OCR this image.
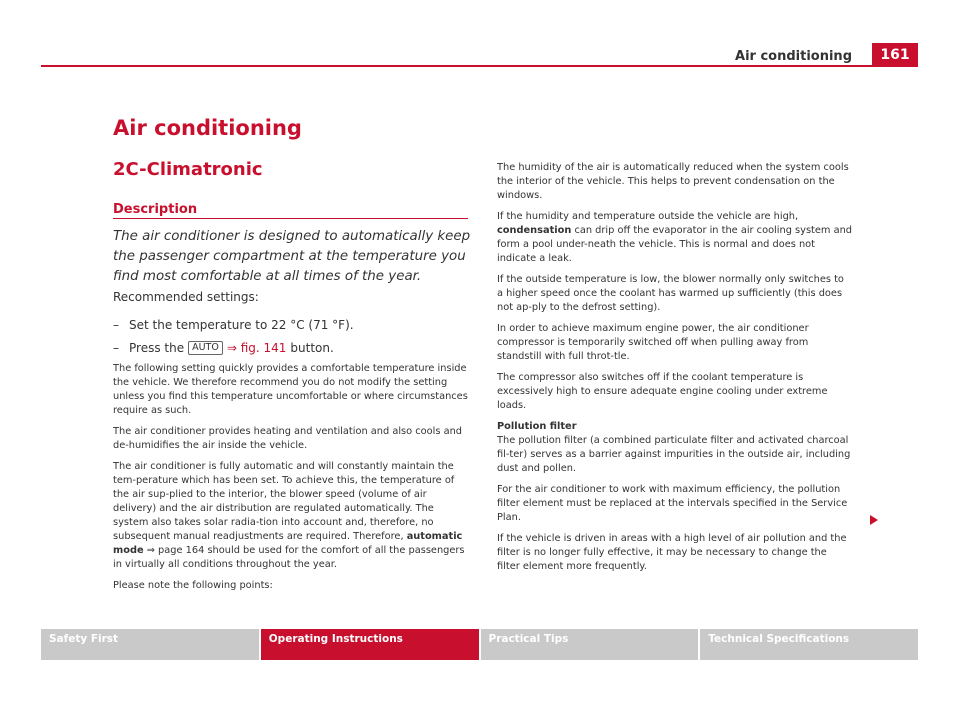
Air conditioning	161
Air conditioning
2C-Climatronic
Description
The air conditioner is designed to automatically keep the passenger compartment at the temperature you find most comfortable at all times of the year.
Recommended settings:
– Set the temperature to 22 °C (71 °F).
– Press the AUTO ⇒ fig. 141 button.

The following setting quickly provides a comfortable temperature inside the vehicle. We therefore recommend you do not modify the setting unless you find this temperature uncomfortable or where circumstances require as such.

The air conditioner provides heating and ventilation and also cools and de-humidifies the air inside the vehicle.

The air conditioner is fully automatic and will constantly maintain the tem-perature which has been set. To achieve this, the temperature of the air sup-plied to the interior, the blower speed (volume of air delivery) and the air distribution are regulated automatically. The system also takes solar radia-tion into account and, therefore, no subsequent manual readjustments are required. Therefore, automatic mode ⇒ page 164 should be used for the comfort of all the passengers in virtually all conditions throughout the year.

Please note the following points:

The humidity of the air is automatically reduced when the system cools the interior of the vehicle. This helps to prevent condensation on the windows.

If the humidity and temperature outside the vehicle are high, condensation can drip off the evaporator in the air cooling system and form a pool under-neath the vehicle. This is normal and does not indicate a leak.

If the outside temperature is low, the blower normally only switches to a higher speed once the coolant has warmed up sufficiently (this does not ap-ply to the defrost setting).

In order to achieve maximum engine power, the air conditioner compressor is temporarily switched off when pulling away from standstill with full throt-tle.

The compressor also switches off if the coolant temperature is excessively high to ensure adequate engine cooling under extreme loads.

Pollution filter

The pollution filter (a combined particulate filter and activated charcoal fil-ter) serves as a barrier against impurities in the outside air, including dust and pollen.

For the air conditioner to work with maximum efficiency, the pollution filter element must be replaced at the intervals specified in the Service Plan.

If the vehicle is driven in areas with a high level of air pollution and the filter is no longer fully effective, it may be necessary to change the filter element more frequently.

Safety First	Operating Instructions	Practical Tips	Technical Specifications
